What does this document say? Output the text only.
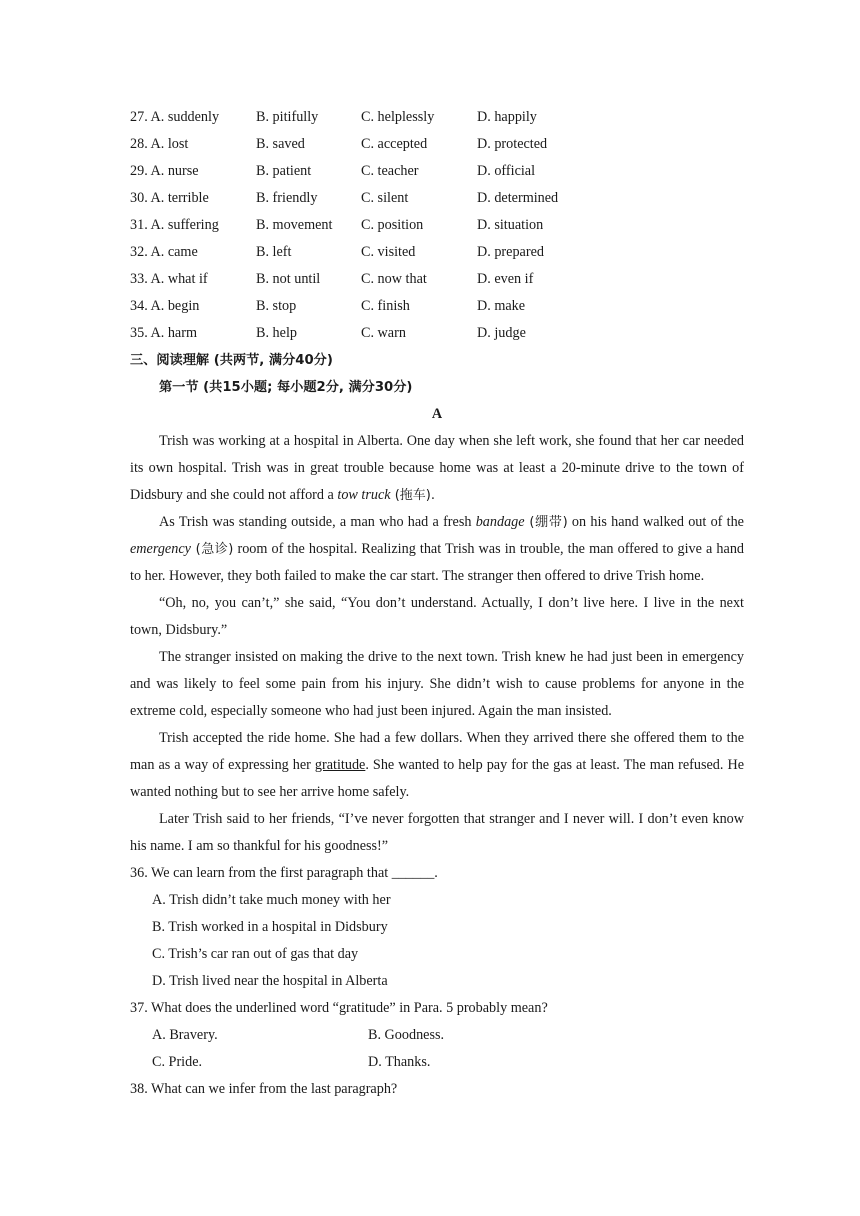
27. A. suddenly	B. pitifully	C. helplessly	D. happily
28. A. lost	B. saved	C. accepted	D. protected
29. A. nurse	B. patient	C. teacher	D. official
30. A. terrible	B. friendly	C. silent	D. determined
31. A. suffering	B. movement	C. position	D. situation
32. A. came	B. left	C. visited	D. prepared
33. A. what if	B. not until	C. now that	D. even if
34. A. begin	B. stop	C. finish	D. make
35. A. harm	B. help	C. warn	D. judge
三、阅读理解 (共两节, 满分40分)
第一节 (共15小题; 每小题2分, 满分30分)
A

Trish was working at a hospital in Alberta. One day when she left work, she found that her car needed its own hospital. Trish was in great trouble because home was at least a 20-minute drive to the town of Didsbury and she could not afford a tow truck (拖车).

As Trish was standing outside, a man who had a fresh bandage (绷带) on his hand walked out of the emergency (急诊) room of the hospital. Realizing that Trish was in trouble, the man offered to give a hand to her. However, they both failed to make the car start. The stranger then offered to drive Trish home.

“Oh, no, you can’t,” she said, “You don’t understand. Actually, I don’t live here. I live in the next town, Didsbury.”

The stranger insisted on making the drive to the next town. Trish knew he had just been in emergency and was likely to feel some pain from his injury. She didn’t wish to cause problems for anyone in the extreme cold, especially someone who had just been injured. Again the man insisted.

Trish accepted the ride home. She had a few dollars. When they arrived there she offered them to the man as a way of expressing her gratitude. She wanted to help pay for the gas at least. The man refused. He wanted nothing but to see her arrive home safely.

Later Trish said to her friends, “I’ve never forgotten that stranger and I never will. I don’t even know his name. I am so thankful for his goodness!”

36. We can learn from the first paragraph that ______.
A. Trish didn’t take much money with her
B. Trish worked in a hospital in Didsbury
C. Trish’s car ran out of gas that day
D. Trish lived near the hospital in Alberta
37. What does the underlined word “gratitude” in Para. 5 probably mean?
A. Bravery.	B. Goodness.
C. Pride.	D. Thanks.
38. What can we infer from the last paragraph?
